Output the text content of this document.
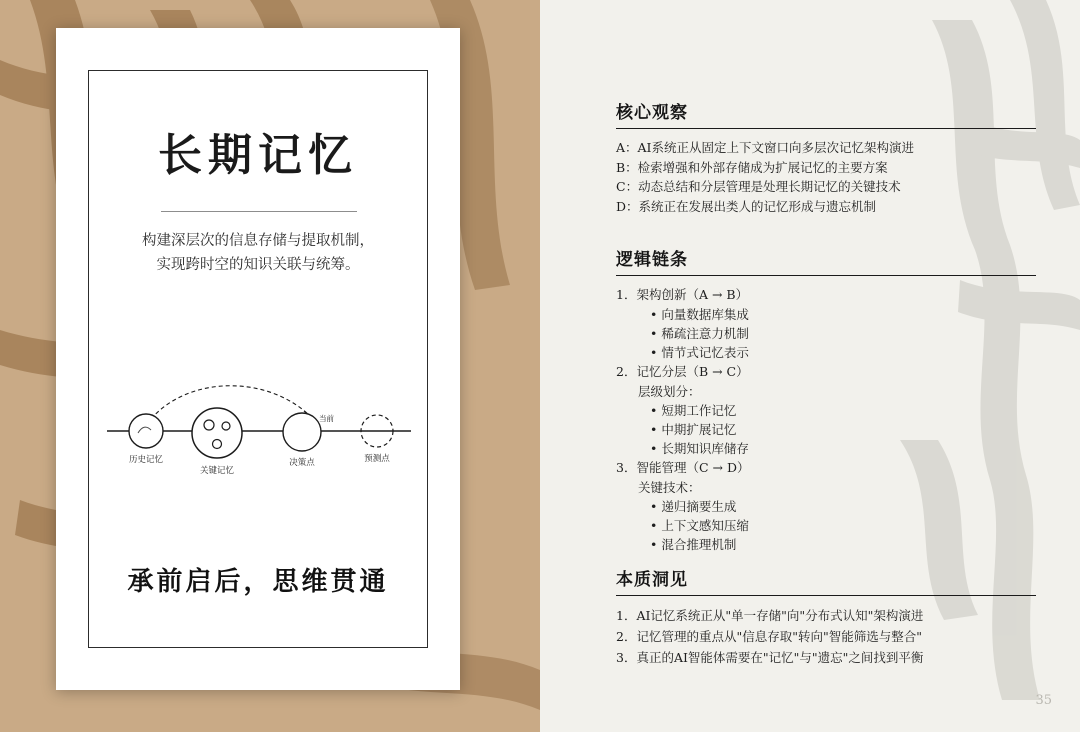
长期记忆
构建深层次的信息存储与提取机制，
实现跨时空的知识关联与统筹。
当前
历史记忆
关键记忆
决策点	预测点
承前启后，思维贯通
核心观察
A：AI系统正从固定上下文窗口向多层次记忆架构演进
B：检索增强和外部存储成为扩展记忆的主要方案
C：动态总结和分层管理是处理长期记忆的关键技术
D：系统正在发展出类人的记忆形成与遗忘机制
逻辑链条
1．架构创新（A → B）
• 向量数据库集成
• 稀疏注意力机制
• 情节式记忆表示
2．记忆分层（B → C）
层级划分：
• 短期工作记忆
• 中期扩展记忆
• 长期知识库储存
3．智能管理（C → D）
关键技术：
• 递归摘要生成
• 上下文感知压缩
• 混合推理机制
本质洞见
1．AI记忆系统正从"单一存储"向"分布式认知"架构演进
2．记忆管理的重点从"信息存取"转向"智能筛选与整合"
3．真正的AI智能体需要在"记忆"与"遗忘"之间找到平衡
35
